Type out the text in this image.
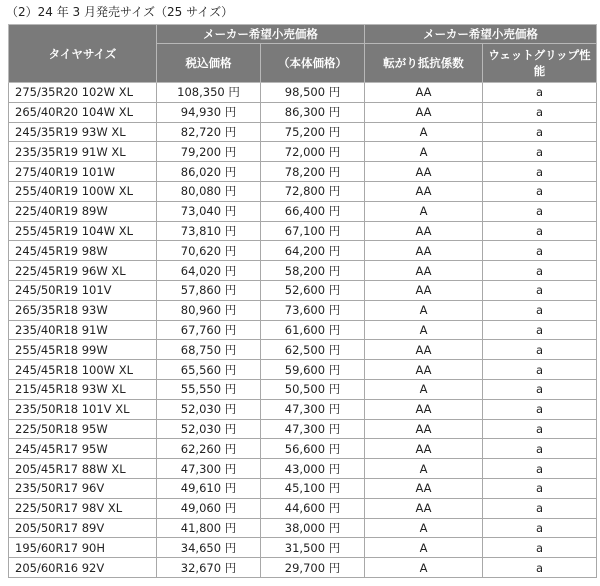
（2）24 年 3 月発売サイズ（25 サイズ）
タイヤサイズ	メーカー希望小売価格		メーカー希望小売価格	
	税込価格	（本体価格）	転がり抵抗係数	ウェットグリップ性能
275/35R20 102W XL	108,350 円	98,500 円	AA	a
265/40R20 104W XL	94,930 円	86,300 円	AA	a
245/35R19 93W XL	82,720 円	75,200 円	A	a
235/35R19 91W XL	79,200 円	72,000 円	A	a
275/40R19 101W	86,020 円	78,200 円	AA	a
255/40R19 100W XL	80,080 円	72,800 円	AA	a
225/40R19 89W	73,040 円	66,400 円	A	a
255/45R19 104W XL	73,810 円	67,100 円	AA	a
245/45R19 98W	70,620 円	64,200 円	AA	a
225/45R19 96W XL	64,020 円	58,200 円	AA	a
245/50R19 101V	57,860 円	52,600 円	AA	a
265/35R18 93W	80,960 円	73,600 円	A	a
235/40R18 91W	67,760 円	61,600 円	A	a
255/45R18 99W	68,750 円	62,500 円	AA	a
245/45R18 100W XL	65,560 円	59,600 円	AA	a
215/45R18 93W XL	55,550 円	50,500 円	A	a
235/50R18 101V XL	52,030 円	47,300 円	AA	a
225/50R18 95W	52,030 円	47,300 円	AA	a
245/45R17 95W	62,260 円	56,600 円	AA	a
205/45R17 88W XL	47,300 円	43,000 円	A	a
235/50R17 96V	49,610 円	45,100 円	AA	a
225/50R17 98V XL	49,060 円	44,600 円	AA	a
205/50R17 89V	41,800 円	38,000 円	A	a
195/60R17 90H	34,650 円	31,500 円	A	a
205/60R16 92V	32,670 円	29,700 円	A	a
